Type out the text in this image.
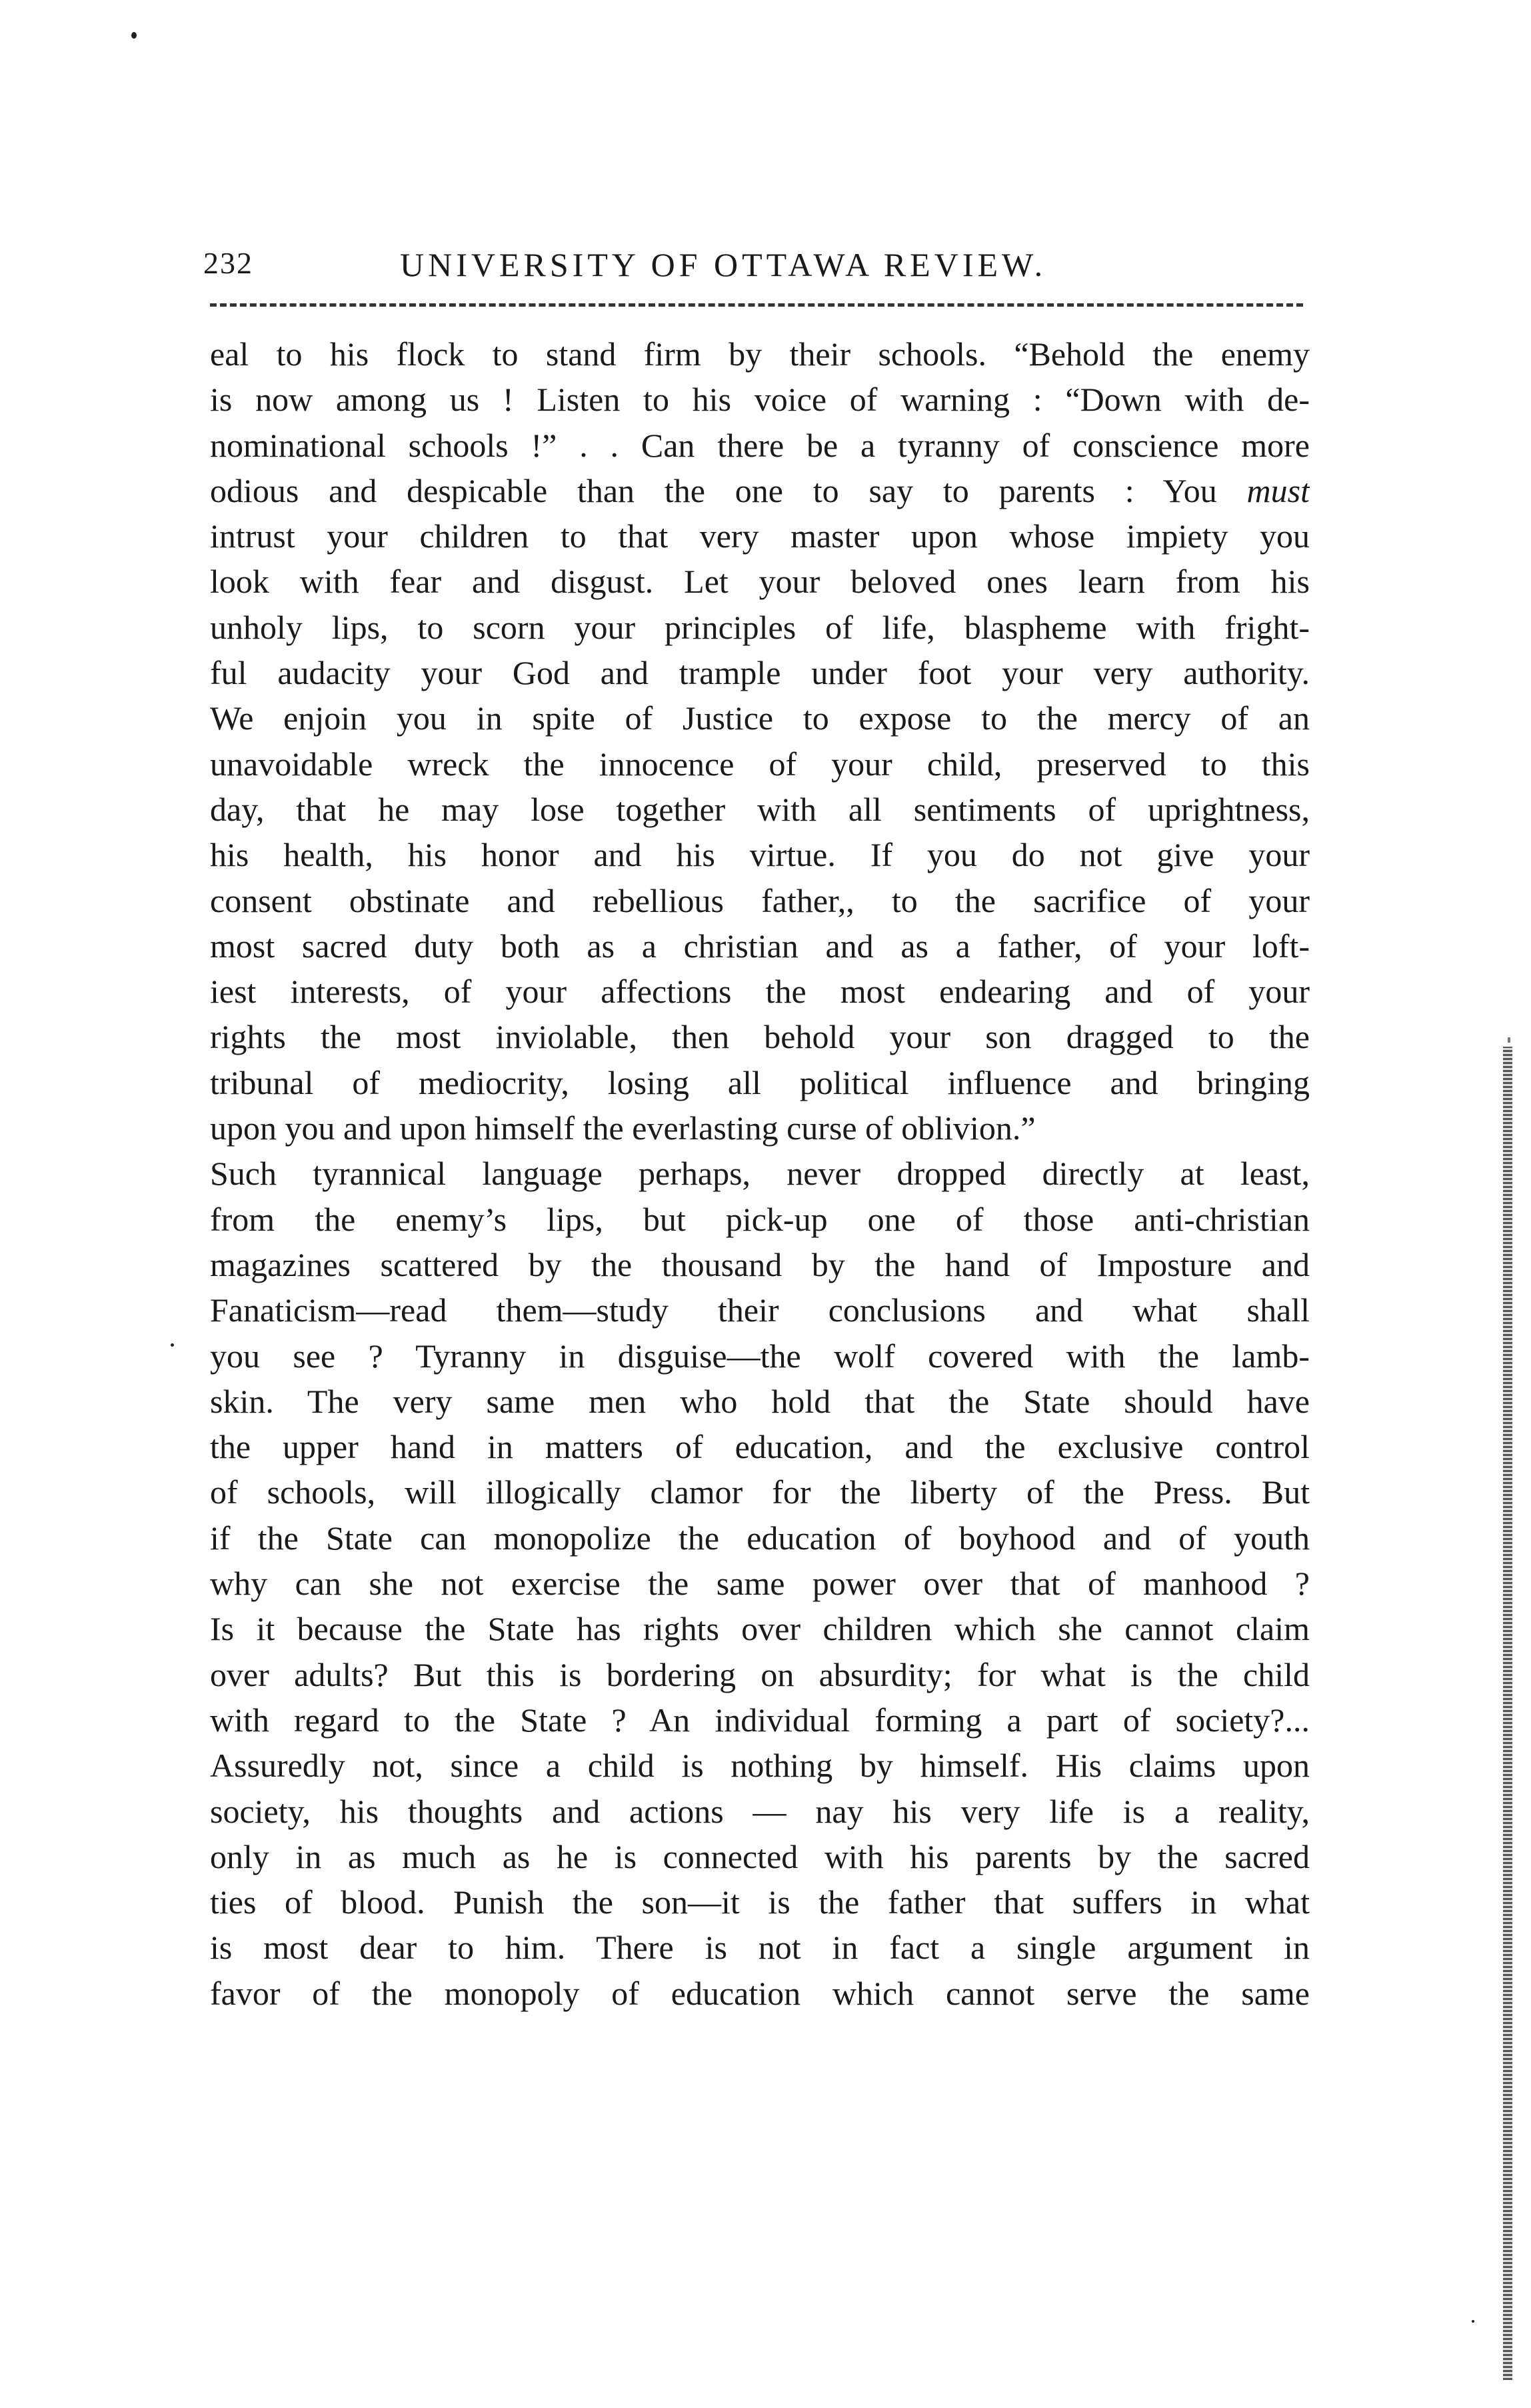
232	UNIVERSITY OF OTTAWA REVIEW.
eal to his flock to stand firm by their schools. “Behold the enemy
is now among us ! Listen to his voice of warning : “Down with de-
nominational schools !” . . Can there be a tyranny of conscience more
odious and despicable than the one to say to parents : You must
intrust your children to that very master upon whose impiety you
look with fear and disgust. Let your beloved ones learn from his
unholy lips, to scorn your principles of life, blaspheme with fright-
ful audacity your God and trample under foot your very authority.
We enjoin you in spite of Justice to expose to the mercy of an
unavoidable wreck the innocence of your child, preserved to this
day, that he may lose together with all sentiments of uprightness,
his health, his honor and his virtue. If you do not give your
consent obstinate and rebellious father,, to the sacrifice of your
most sacred duty both as a christian and as a father, of your loft-
iest interests, of your affections the most endearing and of your
rights the most inviolable, then behold your son dragged to the
tribunal of mediocrity, losing all political influence and bringing
upon you and upon himself the everlasting curse of oblivion.”
Such tyrannical language perhaps, never dropped directly at least,
from the enemy’s lips, but pick-up one of those anti-christian
magazines scattered by the thousand by the hand of Imposture and
Fanaticism—read them—study their conclusions and what shall
you see ? Tyranny in disguise—the wolf covered with the lamb-
skin. The very same men who hold that the State should have
the upper hand in matters of education, and the exclusive control
of schools, will illogically clamor for the liberty of the Press. But
if the State can monopolize the education of boyhood and of youth
why can she not exercise the same power over that of manhood ?
Is it because the State has rights over children which she cannot claim
over adults? But this is bordering on absurdity; for what is the child
with regard to the State ? An individual forming a part of society?...
Assuredly not, since a child is nothing by himself. His claims upon
society, his thoughts and actions — nay his very life is a reality,
only in as much as he is connected with his parents by the sacred
ties of blood. Punish the son—it is the father that suffers in what
is most dear to him. There is not in fact a single argument in
favor of the monopoly of education which cannot serve the same
